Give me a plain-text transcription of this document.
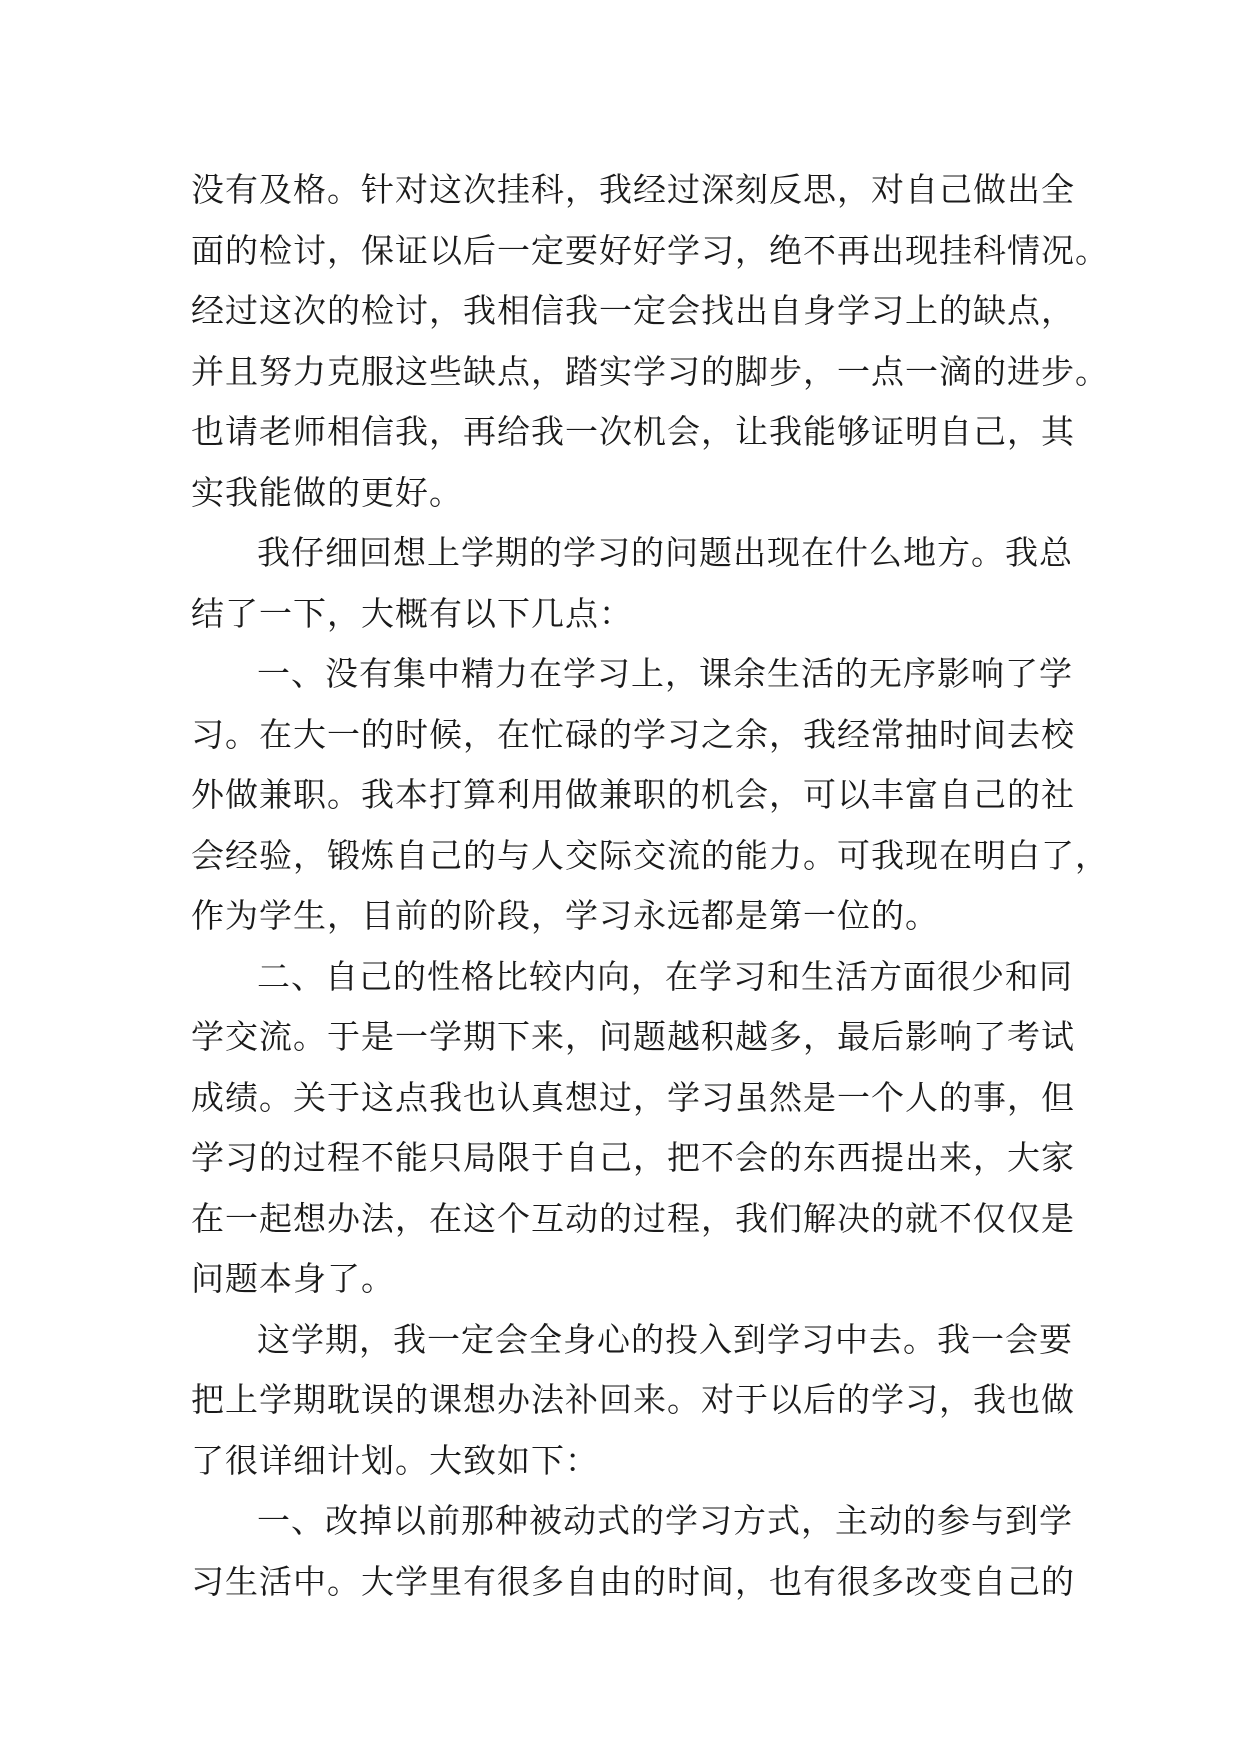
没有及格。针对这次挂科，我经过深刻反思，对自己做出全
面的检讨，保证以后一定要好好学习，绝不再出现挂科情况。
经过这次的检讨，我相信我一定会找出自身学习上的缺点，
并且努力克服这些缺点，踏实学习的脚步，一点一滴的进步。
也请老师相信我，再给我一次机会，让我能够证明自己，其
实我能做的更好。
我仔细回想上学期的学习的问题出现在什么地方。我总
结了一下，大概有以下几点：
一、没有集中精力在学习上，课余生活的无序影响了学
习。在大一的时候，在忙碌的学习之余，我经常抽时间去校
外做兼职。我本打算利用做兼职的机会，可以丰富自己的社
会经验，锻炼自己的与人交际交流的能力。可我现在明白了，
作为学生，目前的阶段，学习永远都是第一位的。
二、自己的性格比较内向，在学习和生活方面很少和同
学交流。于是一学期下来，问题越积越多，最后影响了考试
成绩。关于这点我也认真想过，学习虽然是一个人的事，但
学习的过程不能只局限于自己，把不会的东西提出来，大家
在一起想办法，在这个互动的过程，我们解决的就不仅仅是
问题本身了。
这学期，我一定会全身心的投入到学习中去。我一会要
把上学期耽误的课想办法补回来。对于以后的学习，我也做
了很详细计划。大致如下：
一、改掉以前那种被动式的学习方式，主动的参与到学
习生活中。大学里有很多自由的时间，也有很多改变自己的
